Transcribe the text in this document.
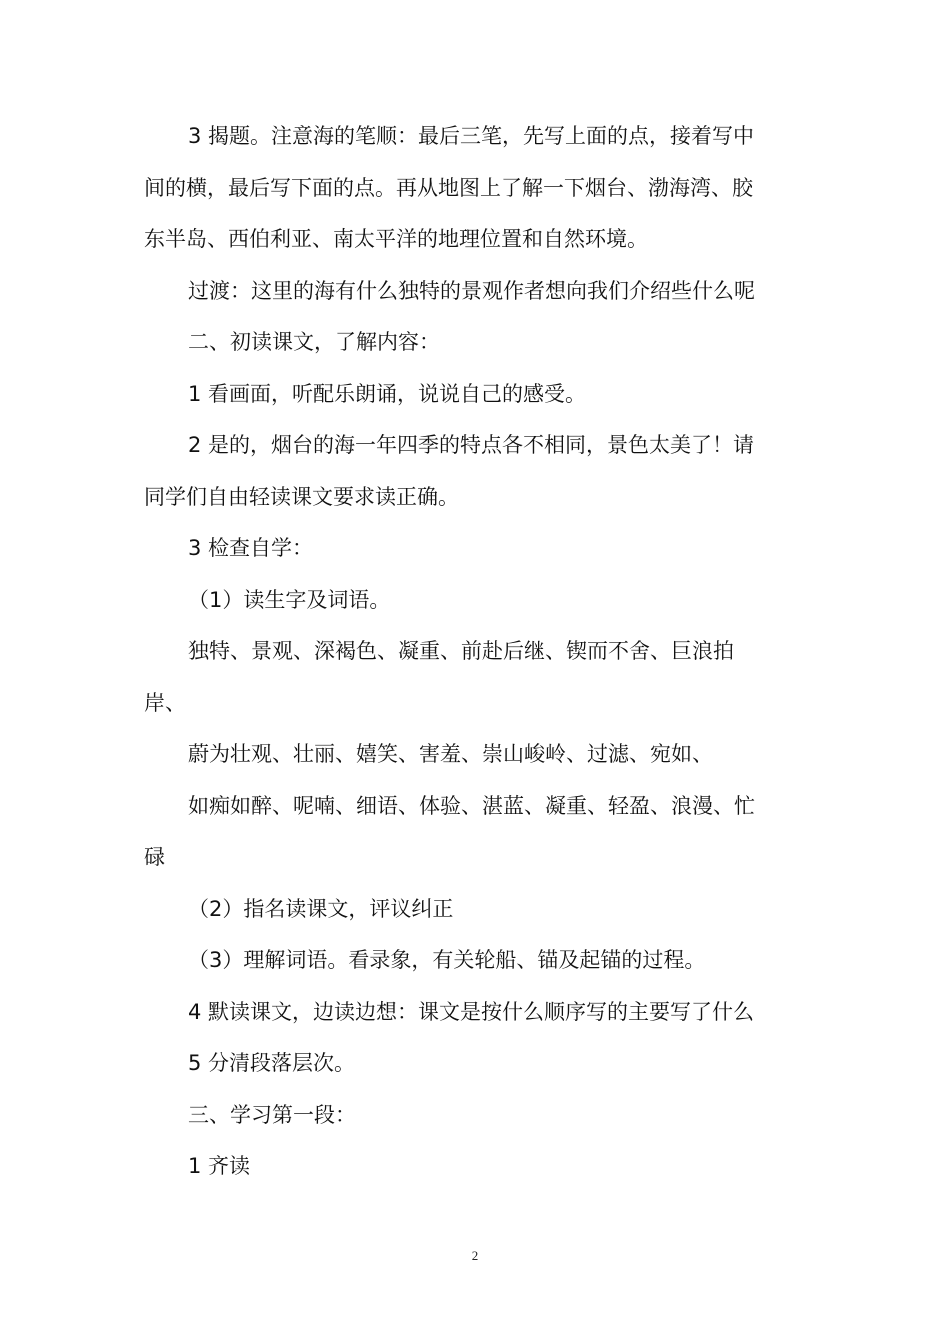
3 揭题。注意海的笔顺：最后三笔，先写上面的点，接着写中
间的横，最后写下面的点。再从地图上了解一下烟台、渤海湾、胶
东半岛、西伯利亚、南太平洋的地理位置和自然环境。
过渡：这里的海有什么独特的景观作者想向我们介绍些什么呢
二、初读课文，了解内容：
1 看画面，听配乐朗诵，说说自己的感受。
2 是的，烟台的海一年四季的特点各不相同，景色太美了！请
同学们自由轻读课文要求读正确。
3 检查自学：
（1）读生字及词语。
独特、景观、深褐色、凝重、前赴后继、锲而不舍、巨浪拍
岸、
蔚为壮观、壮丽、嬉笑、害羞、崇山峻岭、过滤、宛如、
如痴如醉、呢喃、细语、体验、湛蓝、凝重、轻盈、浪漫、忙
碌
（2）指名读课文，评议纠正
（3）理解词语。看录象，有关轮船、锚及起锚的过程。
4 默读课文，边读边想：课文是按什么顺序写的主要写了什么
5 分清段落层次。
三、学习第一段：
1 齐读
2
